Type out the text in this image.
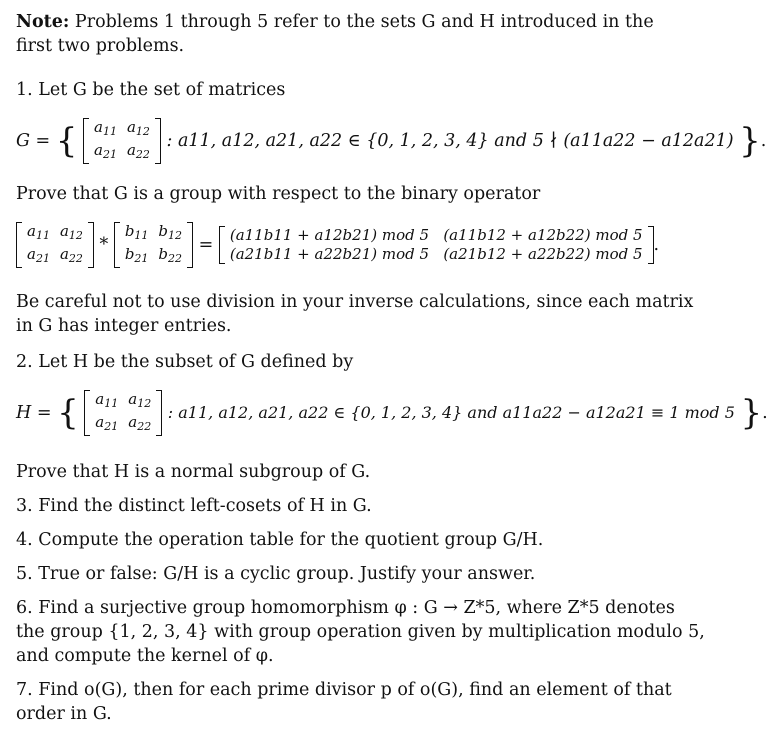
Note: Problems 1 through 5 refer to the sets G and H introduced in the
first two problems.
1. Let G be the set of matrices
G = { $a_{11}$	$a_{12}$
$a_{21}$	$a_{22}$
: a11, a12, a21, a22 ∈ {0, 1, 2, 3, 4} and 5 ∤ (a11a22 − a12a21) }.
Prove that G is a group with respect to the binary operator
$a_{11}$	$a_{12}$
$a_{21}$	$a_{22}$
*
$b_{11}$	$b_{12}$
$b_{21}$	$b_{22}$
= (a11b11 + a12b21) mod 5   (a11b12 + a12b22) mod 5
(a21b11 + a22b21) mod 5   (a21b12 + a22b22) mod 5 .
Be careful not to use division in your inverse calculations, since each matrix
in G has integer entries.
2. Let H be the subset of G defined by
H = { $a_{11}$	$a_{12}$
$a_{21}$	$a_{22}$
: a11, a12, a21, a22 ∈ {0, 1, 2, 3, 4} and a11a22 − a12a21 ≡ 1 mod 5 }.
Prove that H is a normal subgroup of G.
3. Find the distinct left-cosets of H in G.
4. Compute the operation table for the quotient group G/H.
5. True or false: G/H is a cyclic group. Justify your answer.
6. Find a surjective group homomorphism φ : G → Z*5, where Z*5 denotes
the group {1, 2, 3, 4} with group operation given by multiplication modulo 5,
and compute the kernel of φ.
7. Find o(G), then for each prime divisor p of o(G), find an element of that
order in G.
